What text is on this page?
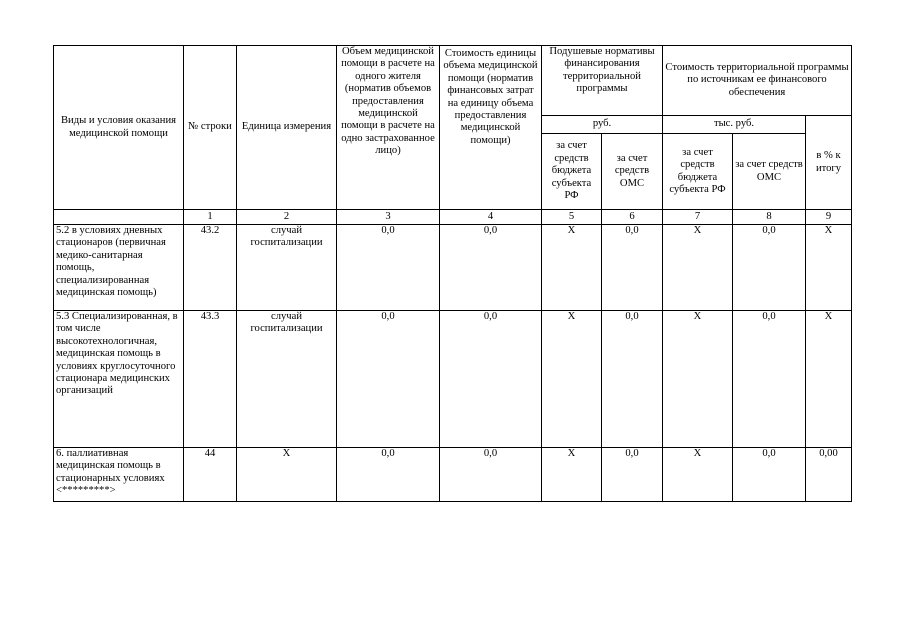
Виды и условия оказания медицинской помощи	№ строки	Единица измерения	Объем медицинской помощи в расчете на одного жителя (норматив объемов предоставления медицинской помощи в расчете на одно застрахованное лицо)	Стоимость единицы объема медицинской помощи (норматив финансовых затрат на единицу объема предоставления медицинской помощи)	Подушевые нормативы финансирования территориальной программы		Стоимость территориальной программы по источникам ее финансового обеспечения		
					руб.		тыс. руб.		в % к итогу
					за счет средств бюджета субъекта РФ	за счет средств ОМС	за счет средств бюджета субъекта РФ	за счет средств ОМС	
	1	2	3	4	5	6	7	8	9
5.2 в условиях дневных стационаров (первичная медико-санитарная помощь, специализированная медицинская помощь)	43.2	случай госпитализации	0,0	0,0	Х	0,0	Х	0,0	Х
5.3 Специализированная, в том числе высокотехнологичная, медицинская помощь в условиях круглосуточного стационара медицинских организаций	43.3	случай госпитализации	0,0	0,0	Х	0,0	Х	0,0	Х
6. паллиативная медицинская помощь в стационарных условиях <*********>	44	Х	0,0	0,0	Х	0,0	Х	0,0	0,00
